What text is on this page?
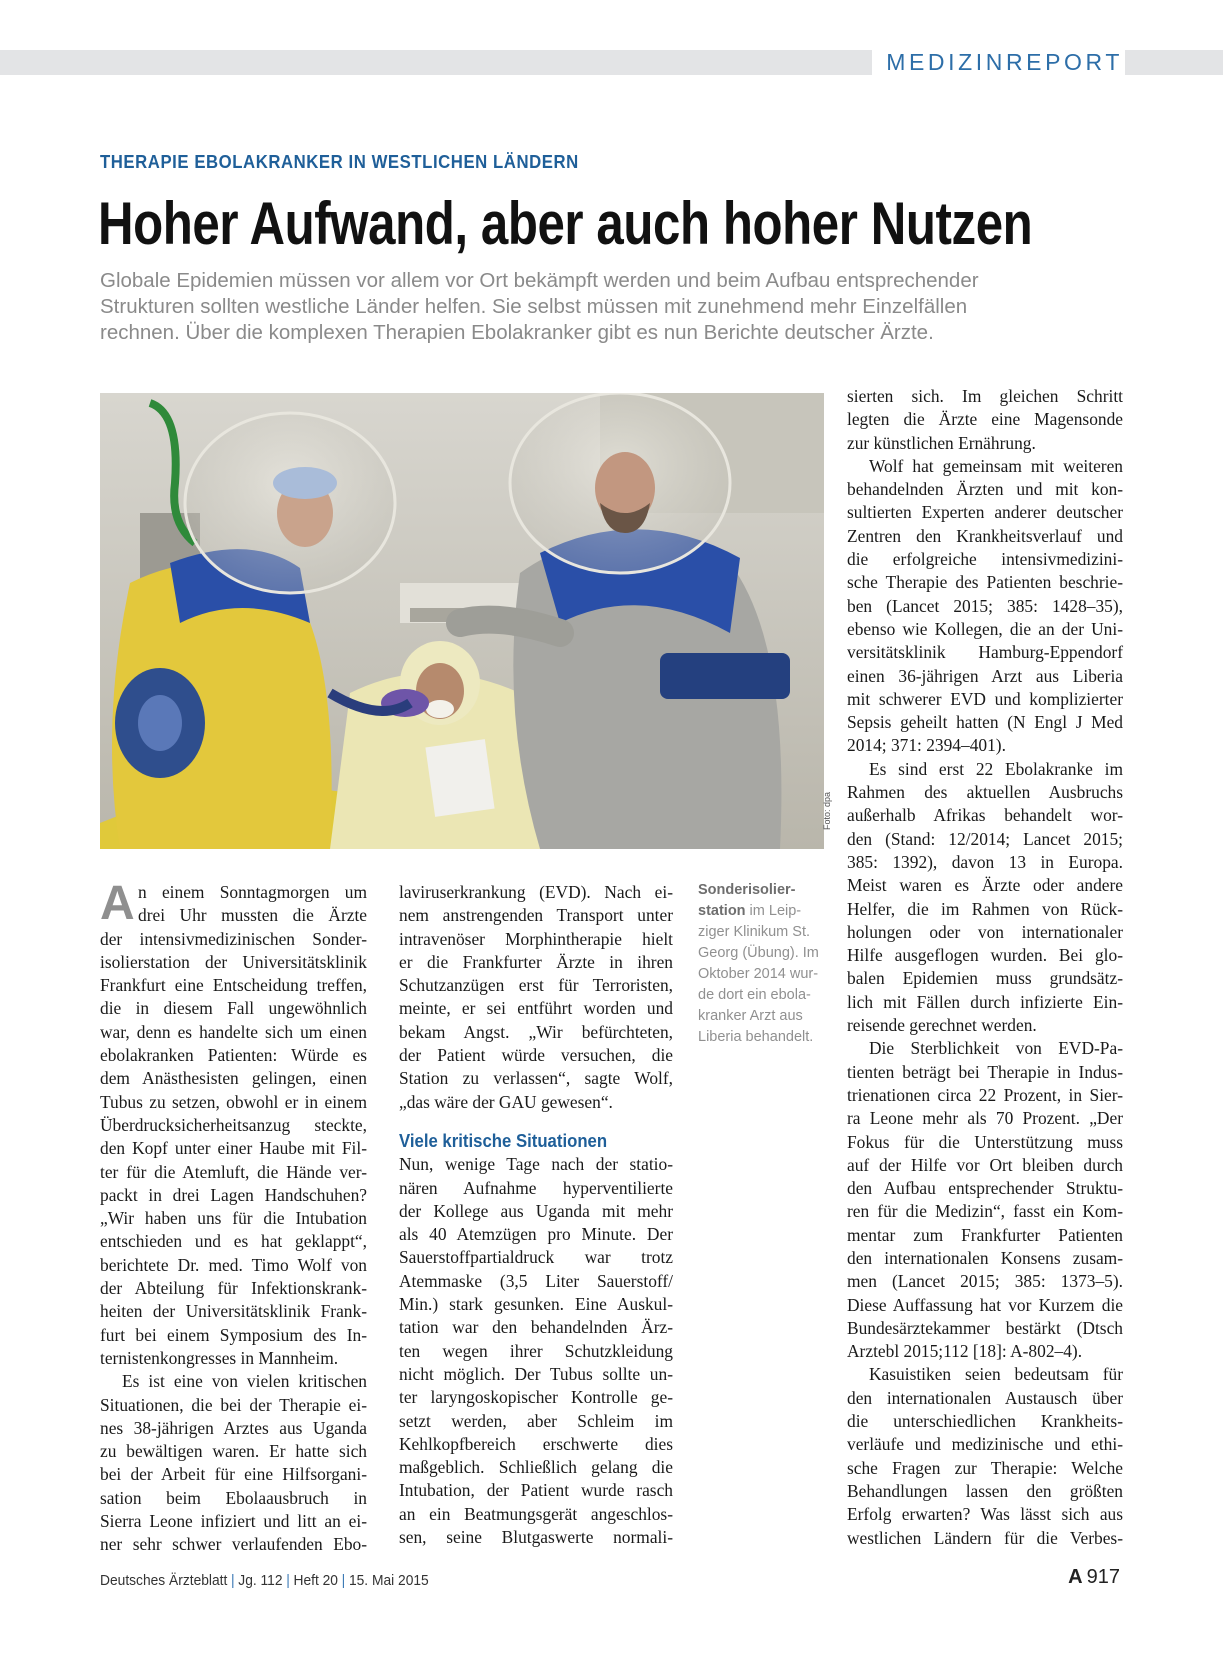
MEDIZINREPORT
THERAPIE EBOLAKRANKER IN WESTLICHEN LÄNDERN
Hoher Aufwand, aber auch hoher Nutzen
Globale Epidemien müssen vor allem vor Ort bekämpft werden und beim Aufbau entsprechender
Strukturen sollten westliche Länder helfen. Sie selbst müssen mit zunehmend mehr Einzelfällen
rechnen. Über die komplexen Therapien Ebolakranker gibt es nun Berichte deutscher Ärzte.
Foto: dpa
A n einem Sonntagmorgen um
drei Uhr mussten die Ärzte
der intensivmedizinischen Sonder-
isolierstation der Universitätsklinik
Frankfurt eine Entscheidung treffen,
die in diesem Fall ungewöhnlich
war, denn es handelte sich um einen
ebolakranken Patienten: Würde es
dem Anästhesisten gelingen, einen
Tubus zu setzen, obwohl er in einem
Überdrucksicherheitsanzug steckte,
den Kopf unter einer Haube mit Fil-
ter für die Atemluft, die Hände ver-
packt in drei Lagen Handschuhen?
„Wir haben uns für die Intubation
entschieden und es hat geklappt“,
berichtete Dr. med. Timo Wolf von
der Abteilung für Infektionskrank-
heiten der Universitätsklinik Frank-
furt bei einem Symposium des In-
ternistenkongresses in Mannheim.
Es ist eine von vielen kritischen
Situationen, die bei der Therapie ei-
nes 38-jährigen Arztes aus Uganda
zu bewältigen waren. Er hatte sich
bei der Arbeit für eine Hilfsorgani-
sation beim Ebolaausbruch in
Sierra Leone infiziert und litt an ei-
ner sehr schwer verlaufenden Ebo-
laviruserkrankung (EVD). Nach ei-
nem anstrengenden Transport unter
intravenöser Morphintherapie hielt
er die Frankfurter Ärzte in ihren
Schutzanzügen erst für Terroristen,
meinte, er sei entführt worden und
bekam Angst. „Wir befürchteten,
der Patient würde versuchen, die
Station zu verlassen“, sagte Wolf,
„das wäre der GAU gewesen“.
Viele kritische Situationen
Nun, wenige Tage nach der statio-
nären Aufnahme hyperventilierte
der Kollege aus Uganda mit mehr
als 40 Atemzügen pro Minute. Der
Sauerstoffpartialdruck war trotz
Atemmaske (3,5 Liter Sauerstoff/
Min.) stark gesunken. Eine Auskul-
tation war den behandelnden Ärz-
ten wegen ihrer Schutzkleidung
nicht möglich. Der Tubus sollte un-
ter laryngoskopischer Kontrolle ge-
setzt werden, aber Schleim im
Kehlkopfbereich erschwerte dies
maßgeblich. Schließlich gelang die
Intubation, der Patient wurde rasch
an ein Beatmungsgerät angeschlos-
sen, seine Blutgaswerte normali-
Sonderisolier-
station im Leip-
ziger Klinikum St.
Georg (Übung). Im
Oktober 2014 wur-
de dort ein ebola-
kranker Arzt aus
Liberia behandelt.
sierten sich. Im gleichen Schritt
legten die Ärzte eine Magensonde
zur künstlichen Ernährung.
Wolf hat gemeinsam mit weiteren
behandelnden Ärzten und mit kon-
sultierten Experten anderer deutscher
Zentren den Krankheitsverlauf und
die erfolgreiche intensivmedizini-
sche Therapie des Patienten beschrie-
ben (Lancet 2015; 385: 1428–35),
ebenso wie Kollegen, die an der Uni-
versitätsklinik Hamburg-Eppendorf
einen 36-jährigen Arzt aus Liberia
mit schwerer EVD und komplizierter
Sepsis geheilt hatten (N Engl J Med
2014; 371: 2394–401).
Es sind erst 22 Ebolakranke im
Rahmen des aktuellen Ausbruchs
außerhalb Afrikas behandelt wor-
den (Stand: 12/2014; Lancet 2015;
385: 1392), davon 13 in Europa.
Meist waren es Ärzte oder andere
Helfer, die im Rahmen von Rück-
holungen oder von internationaler
Hilfe ausgeflogen wurden. Bei glo-
balen Epidemien muss grundsätz-
lich mit Fällen durch infizierte Ein-
reisende gerechnet werden.
Die Sterblichkeit von EVD-Pa-
tienten beträgt bei Therapie in Indus-
trienationen circa 22 Prozent, in Sier-
ra Leone mehr als 70 Prozent. „Der
Fokus für die Unterstützung muss
auf der Hilfe vor Ort bleiben durch
den Aufbau entsprechender Struktu-
ren für die Medizin“, fasst ein Kom-
mentar zum Frankfurter Patienten
den internationalen Konsens zusam-
men (Lancet 2015; 385: 1373–5).
Diese Auffassung hat vor Kurzem die
Bundesärztekammer bestärkt (Dtsch
Arztebl 2015;112 [18]: A-802–4).
Kasuistiken seien bedeutsam für
den internationalen Austausch über
die unterschiedlichen Krankheits-
verläufe und medizinische und ethi-
sche Fragen zur Therapie: Welche
Behandlungen lassen den größten
Erfolg erwarten? Was lässt sich aus
westlichen Ländern für die Verbes-
Deutsches Ärzteblatt | Jg. 112 | Heft 20 | 15. Mai 2015	A 917
